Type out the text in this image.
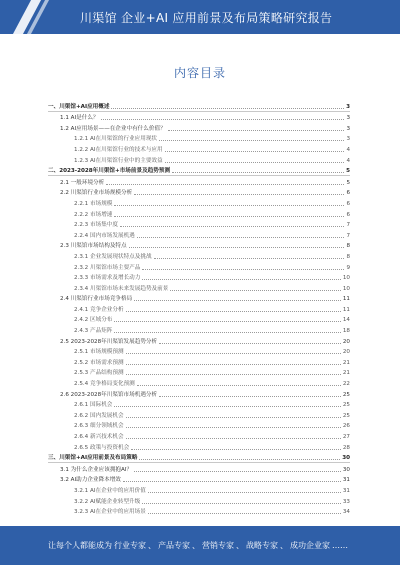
川渠馆 企业+AI 应用前景及布局策略研究报告
内容目录
一、川渠馆+AI应用概述	3
1.1 AI是什么？	3
1.2 AI应用场景——在企业中有什么价值？	3
1.2.1 AI在川渠馆的行业应用现状	3
1.2.2 AI在川渠馆行业的技术与应用	4
1.2.3 AI在川渠馆行业中的主要效益	4
二、2023-2028年川渠馆+市场前景及趋势预测	5
2.1 一般环境分析	5
2.2 川渠馆行业市场规模分析	6
2.2.1 市场规模	6
2.2.2 市场增速	6
2.2.3 市场集中度	7
2.2.4 国内市场发展机遇	7
2.3 川渠馆市场结构及特点	8
2.3.1 企业发展现状特点及挑战	8
2.3.2 川渠馆市场主要产品	9
2.3.3 市场需求及增长动力	10
2.3.4 川渠馆市场未来发展趋势及前景	10
2.4 川渠馆行业市场竞争格局	11
2.4.1 竞争企业分析	11
2.4.2 区域分布	14
2.4.3 产品矩阵	18
2.5 2023-2028年川渠馆发展趋势分析	20
2.5.1 市场规模预测	20
2.5.2 市场需求预测	21
2.5.3 产品结构预测	21
2.5.4 竞争格局变化预测	22
2.6 2023-2028年川渠馆市场机遇分析	25
2.6.1 国际机会	25
2.6.2 国内发展机会	25
2.6.3 细分领域机会	26
2.6.4 新兴技术机会	27
2.6.5 政策与投资机会	28
三、川渠馆+AI应用前景及布局策略	30
3.1 为什么企业应该拥抱AI？	30
3.2 AI助力企业降本增效	31
3.2.1 AI在企业中的应用价值	31
3.2.2 AI赋能企业转型升级	33
3.2.3 AI在企业中的应用场景	34
让每个人都能成为 行业专家 、 产品专家 、 营销专家 、 战略专家 、 成功企业家 ……
